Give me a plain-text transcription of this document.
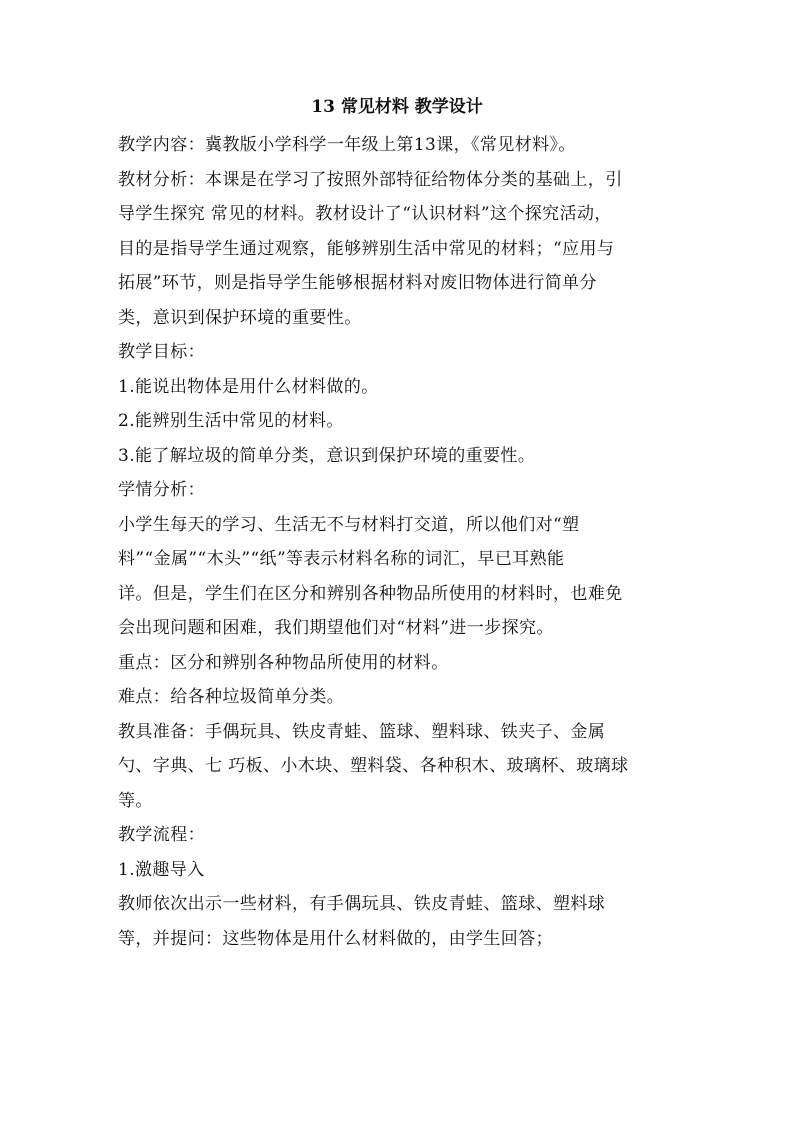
13 常见材料 教学设计

教学内容：冀教版小学科学一年级上第13课，《常见材料》。

教材分析：本课是在学习了按照外部特征给物体分类的基础上，引

导学生探究 常见的材料。教材设计了“认识材料”这个探究活动，

目的是指导学生通过观察，能够辨别生活中常见的材料；“应用与

拓展”环节，则是指导学生能够根据材料对废旧物体进行简单分

类，意识到保护环境的重要性。

教学目标：

1.能说出物体是用什么材料做的。

2.能辨别生活中常见的材料。

3.能了解垃圾的简单分类，意识到保护环境的重要性。

学情分析：

小学生每天的学习、生活无不与材料打交道，所以他们对“塑

料”“金属”“木头”“纸”等表示材料名称的词汇，早已耳熟能

详。但是，学生们在区分和辨别各种物品所使用的材料时，也难免

会出现问题和困难，我们期望他们对“材料”进一步探究。

重点：区分和辨别各种物品所使用的材料。

难点：给各种垃圾简单分类。

教具准备：手偶玩具、铁皮青蛙、篮球、塑料球、铁夹子、金属

勺、字典、七 巧板、小木块、塑料袋、各种积木、玻璃杯、玻璃球

等。

教学流程：

1.激趣导入

教师依次出示一些材料，有手偶玩具、铁皮青蛙、篮球、塑料球

等，并提问：这些物体是用什么材料做的，由学生回答；
